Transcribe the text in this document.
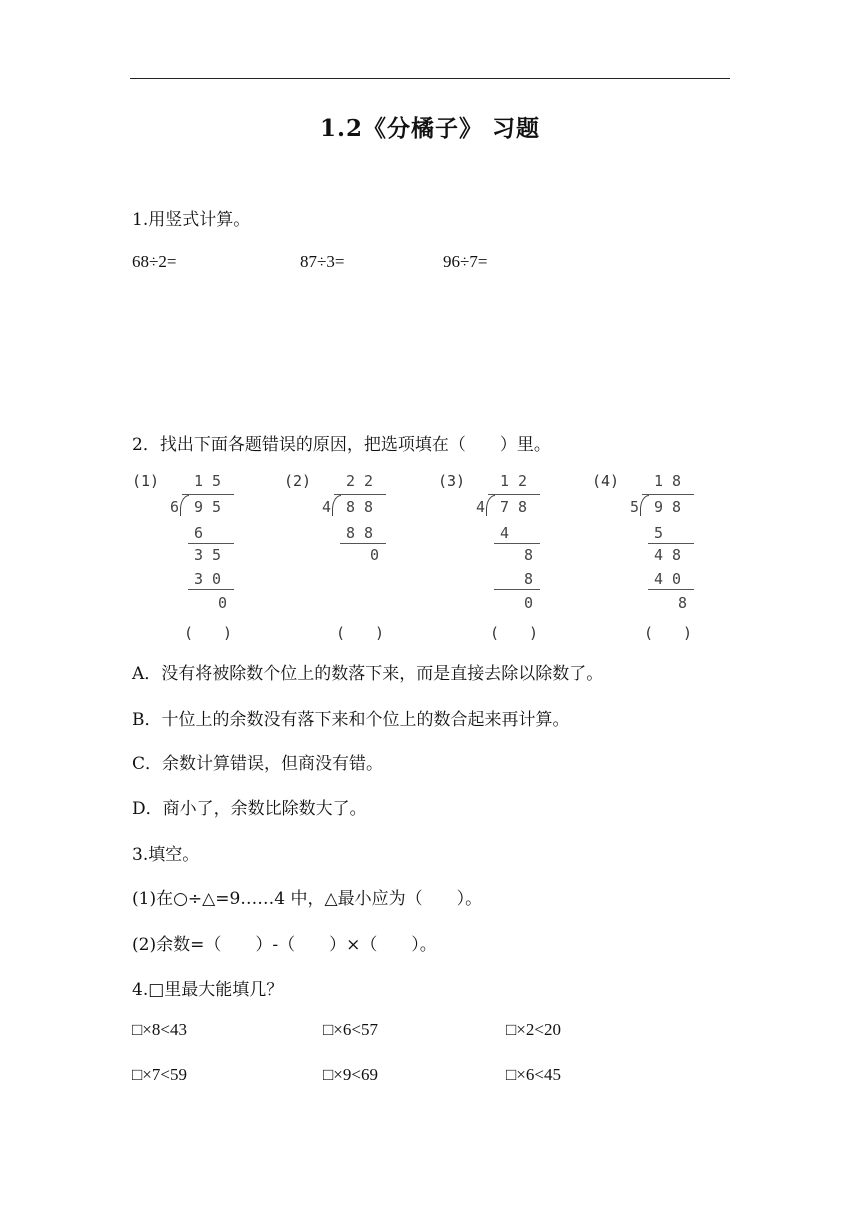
1.2《分橘子》 习题
1.用竖式计算。
68÷2=	87÷3=	96÷7=
2．找出下面各题错误的原因，把选项填在（　　）里。
(1) 1 5
6 9 5
6
3 5
3 0
0
(　　)
(2) 2 2
4 8 8
8 8
0
(　　)
(3) 1 2
4 7 8
4
8
8
0
(　　)
(4) 1 8
5 9 8
5
4 8
4 0
8
(　　)
A．没有将被除数个位上的数落下来，而是直接去除以除数了。
B．十位上的余数没有落下来和个位上的数合起来再计算。
C．余数计算错误，但商没有错。
D．商小了，余数比除数大了。
3.填空。
(1)在○÷△=9……4 中，△最小应为（　　）。
(2)余数=（　　）-（　　）×（　　）。
4.□里最大能填几？
□×8<43	□×6<57	□×2<20
□×7<59	□×9<69	□×6<45
